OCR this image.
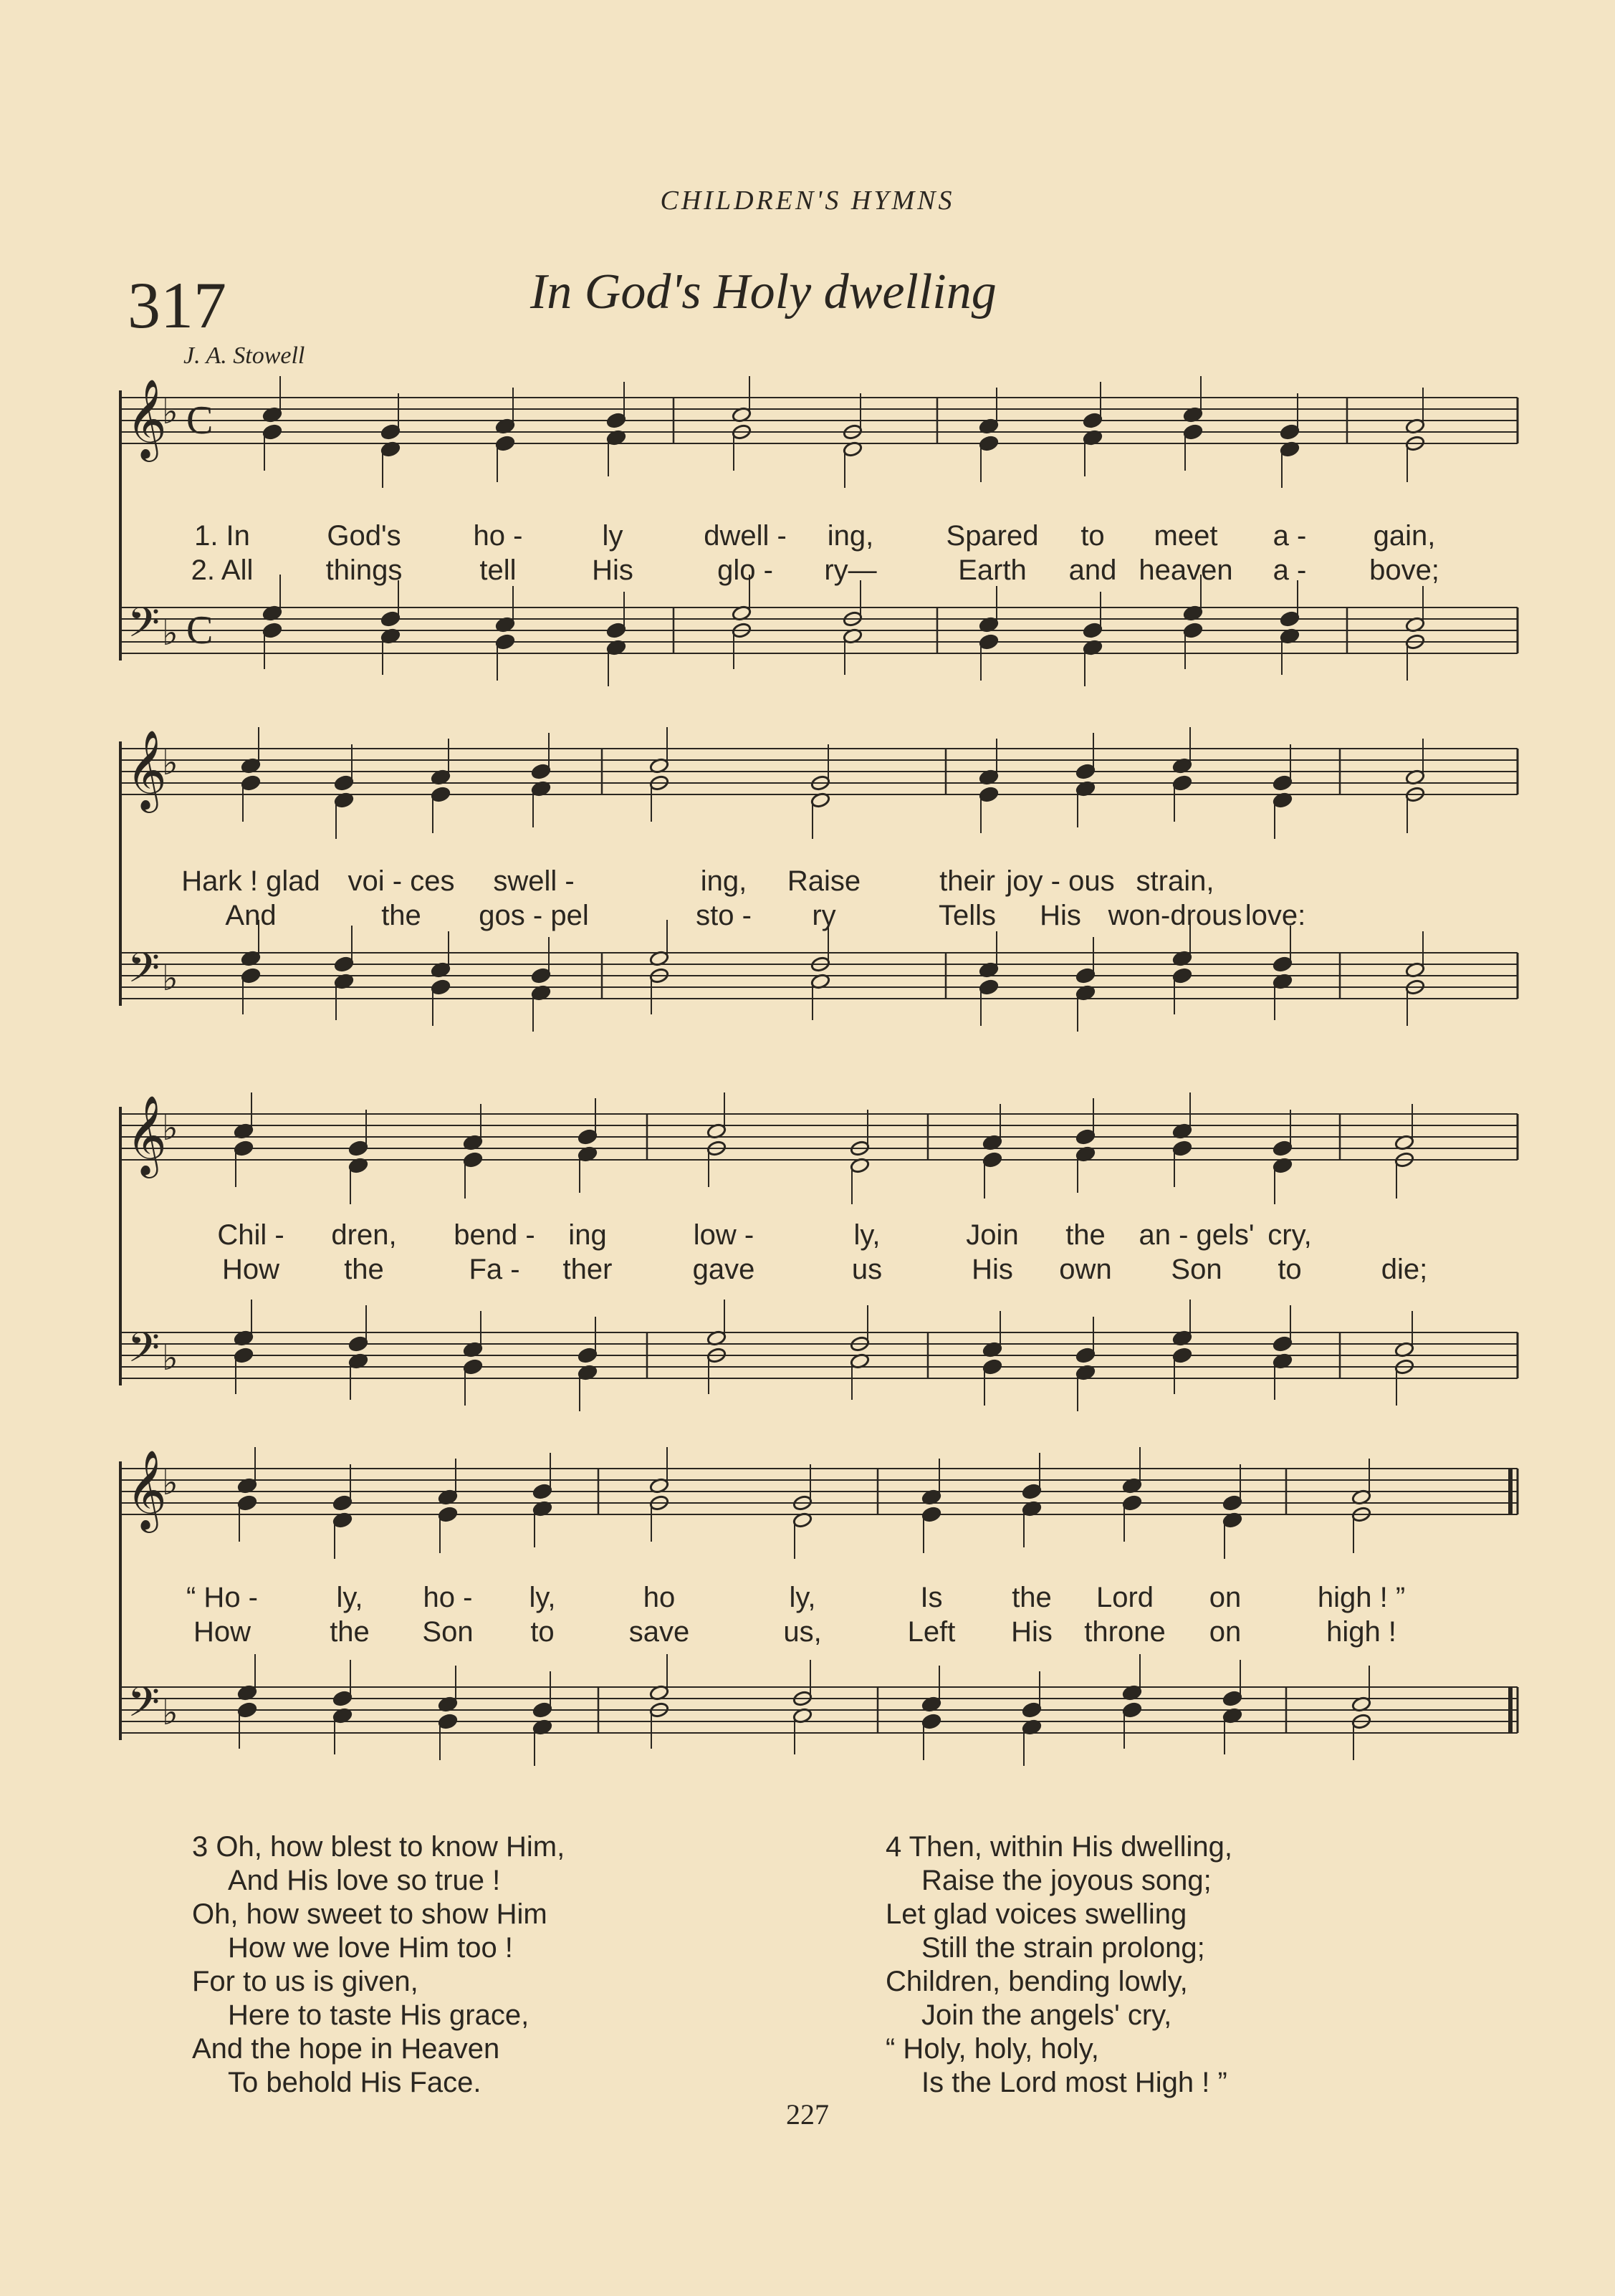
CHILDREN'S HYMNS
317	In God's Holy dwelling
J. A. Stowell
𝄞
𝄢
♭
♭
C
C
𝄞
𝄢
♭
♭
𝄞
𝄢
♭
♭
𝄞
𝄢
♭
♭
1. In	God's	ho -	ly	dwell - ing,	Spared to meet a - gain,
2. All	things	tell	His	glo - ry—	Earth and heaven a - bove;
Hark ! glad voi - ces swell -	ing, Raise	their joy - ous strain,
And	the gos - pel	sto - ry	Tells His won-drous love:
Chil - dren, bend - ing	low -	ly,	Join the an - gels' cry,
How the	Fa - ther	gave	us	His own Son to	die;
“ Ho -	ly, ho - ly,	ho	ly,	Is the Lord on	high ! ”
How	the Son to	save	us,	Left His throne on	high !
3 Oh, how blest to know Him,
And His love so true !
Oh, how sweet to show Him
How we love Him too !
For to us is given,
Here to taste His grace,
And the hope in Heaven
To behold His Face.
4 Then, within His dwelling,
Raise the joyous song;
Let glad voices swelling
Still the strain prolong;
Children, bending lowly,
Join the angels' cry,
“ Holy, holy, holy,
Is the Lord most High ! ”
227
